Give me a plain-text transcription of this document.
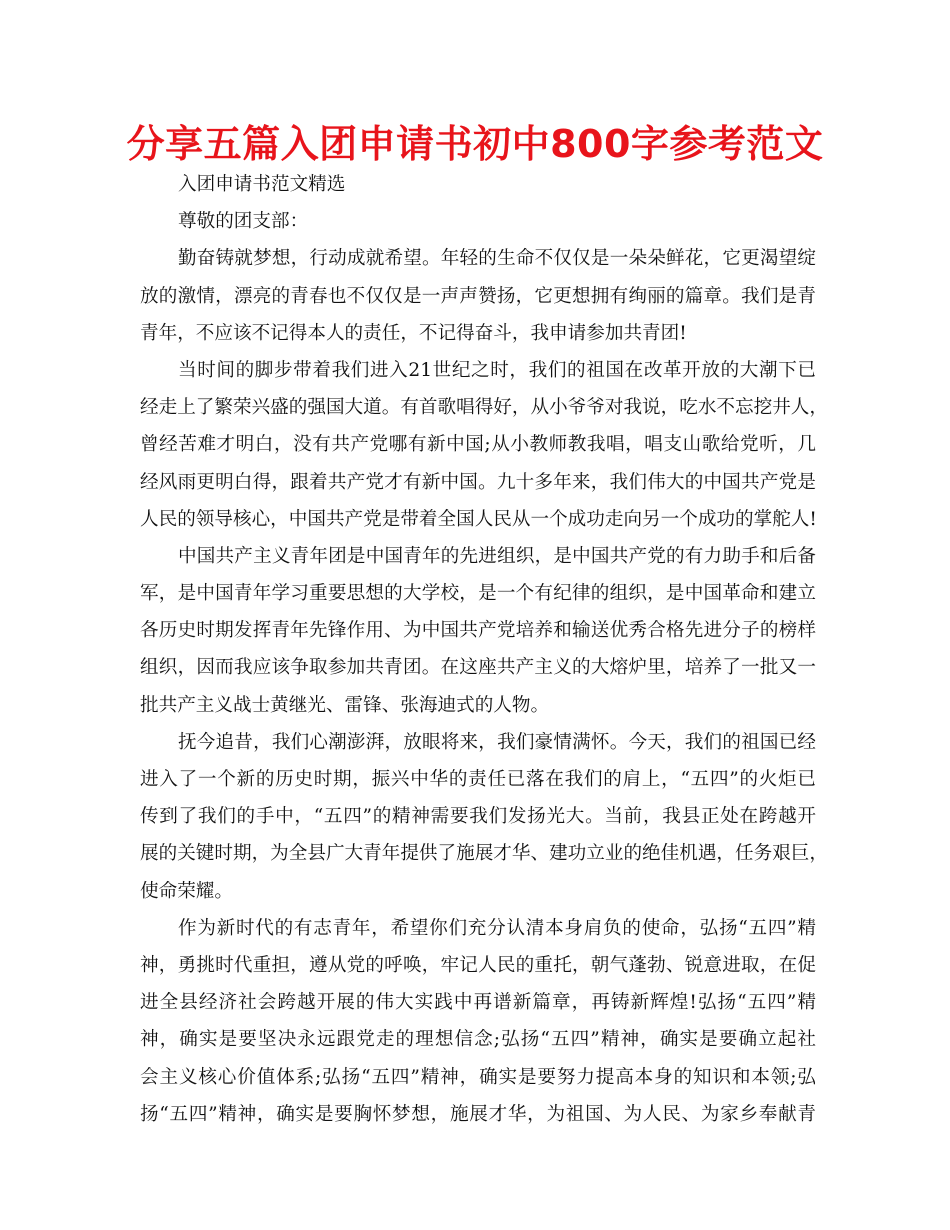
分享五篇入团申请书初中800字参考范文
入团申请书范文精选
尊敬的团支部：
勤奋铸就梦想，行动成就希望。年轻的生命不仅仅是一朵朵鲜花，它更渴望绽
放的激情，漂亮的青春也不仅仅是一声声赞扬，它更想拥有绚丽的篇章。我们是青
青年，不应该不记得本人的责任，不记得奋斗，我申请参加共青团!
当时间的脚步带着我们进入21世纪之时，我们的祖国在改革开放的大潮下已
经走上了繁荣兴盛的强国大道。有首歌唱得好，从小爷爷对我说，吃水不忘挖井人，
曾经苦难才明白，没有共产党哪有新中国;从小教师教我唱，唱支山歌给党听，几
经风雨更明白得，跟着共产党才有新中国。九十多年来，我们伟大的中国共产党是
人民的领导核心，中国共产党是带着全国人民从一个成功走向另一个成功的掌舵人!
中国共产主义青年团是中国青年的先进组织，是中国共产党的有力助手和后备
军，是中国青年学习重要思想的大学校，是一个有纪律的组织，是中国革命和建立
各历史时期发挥青年先锋作用、为中国共产党培养和输送优秀合格先进分子的榜样
组织，因而我应该争取参加共青团。在这座共产主义的大熔炉里，培养了一批又一
批共产主义战士黄继光、雷锋、张海迪式的人物。
抚今追昔，我们心潮澎湃，放眼将来，我们豪情满怀。今天，我们的祖国已经
进入了一个新的历史时期，振兴中华的责任已落在我们的肩上，“五四”的火炬已
传到了我们的手中，“五四”的精神需要我们发扬光大。当前，我县正处在跨越开
展的关键时期，为全县广大青年提供了施展才华、建功立业的绝佳机遇，任务艰巨，
使命荣耀。
作为新时代的有志青年，希望你们充分认清本身肩负的使命，弘扬“五四”精
神，勇挑时代重担，遵从党的呼唤，牢记人民的重托，朝气蓬勃、锐意进取，在促
进全县经济社会跨越开展的伟大实践中再谱新篇章，再铸新辉煌!弘扬“五四”精
神，确实是要坚决永远跟党走的理想信念;弘扬“五四”精神，确实是要确立起社
会主义核心价值体系;弘扬“五四”精神，确实是要努力提高本身的知识和本领;弘
扬“五四”精神，确实是要胸怀梦想，施展才华，为祖国、为人民、为家乡奉献青
